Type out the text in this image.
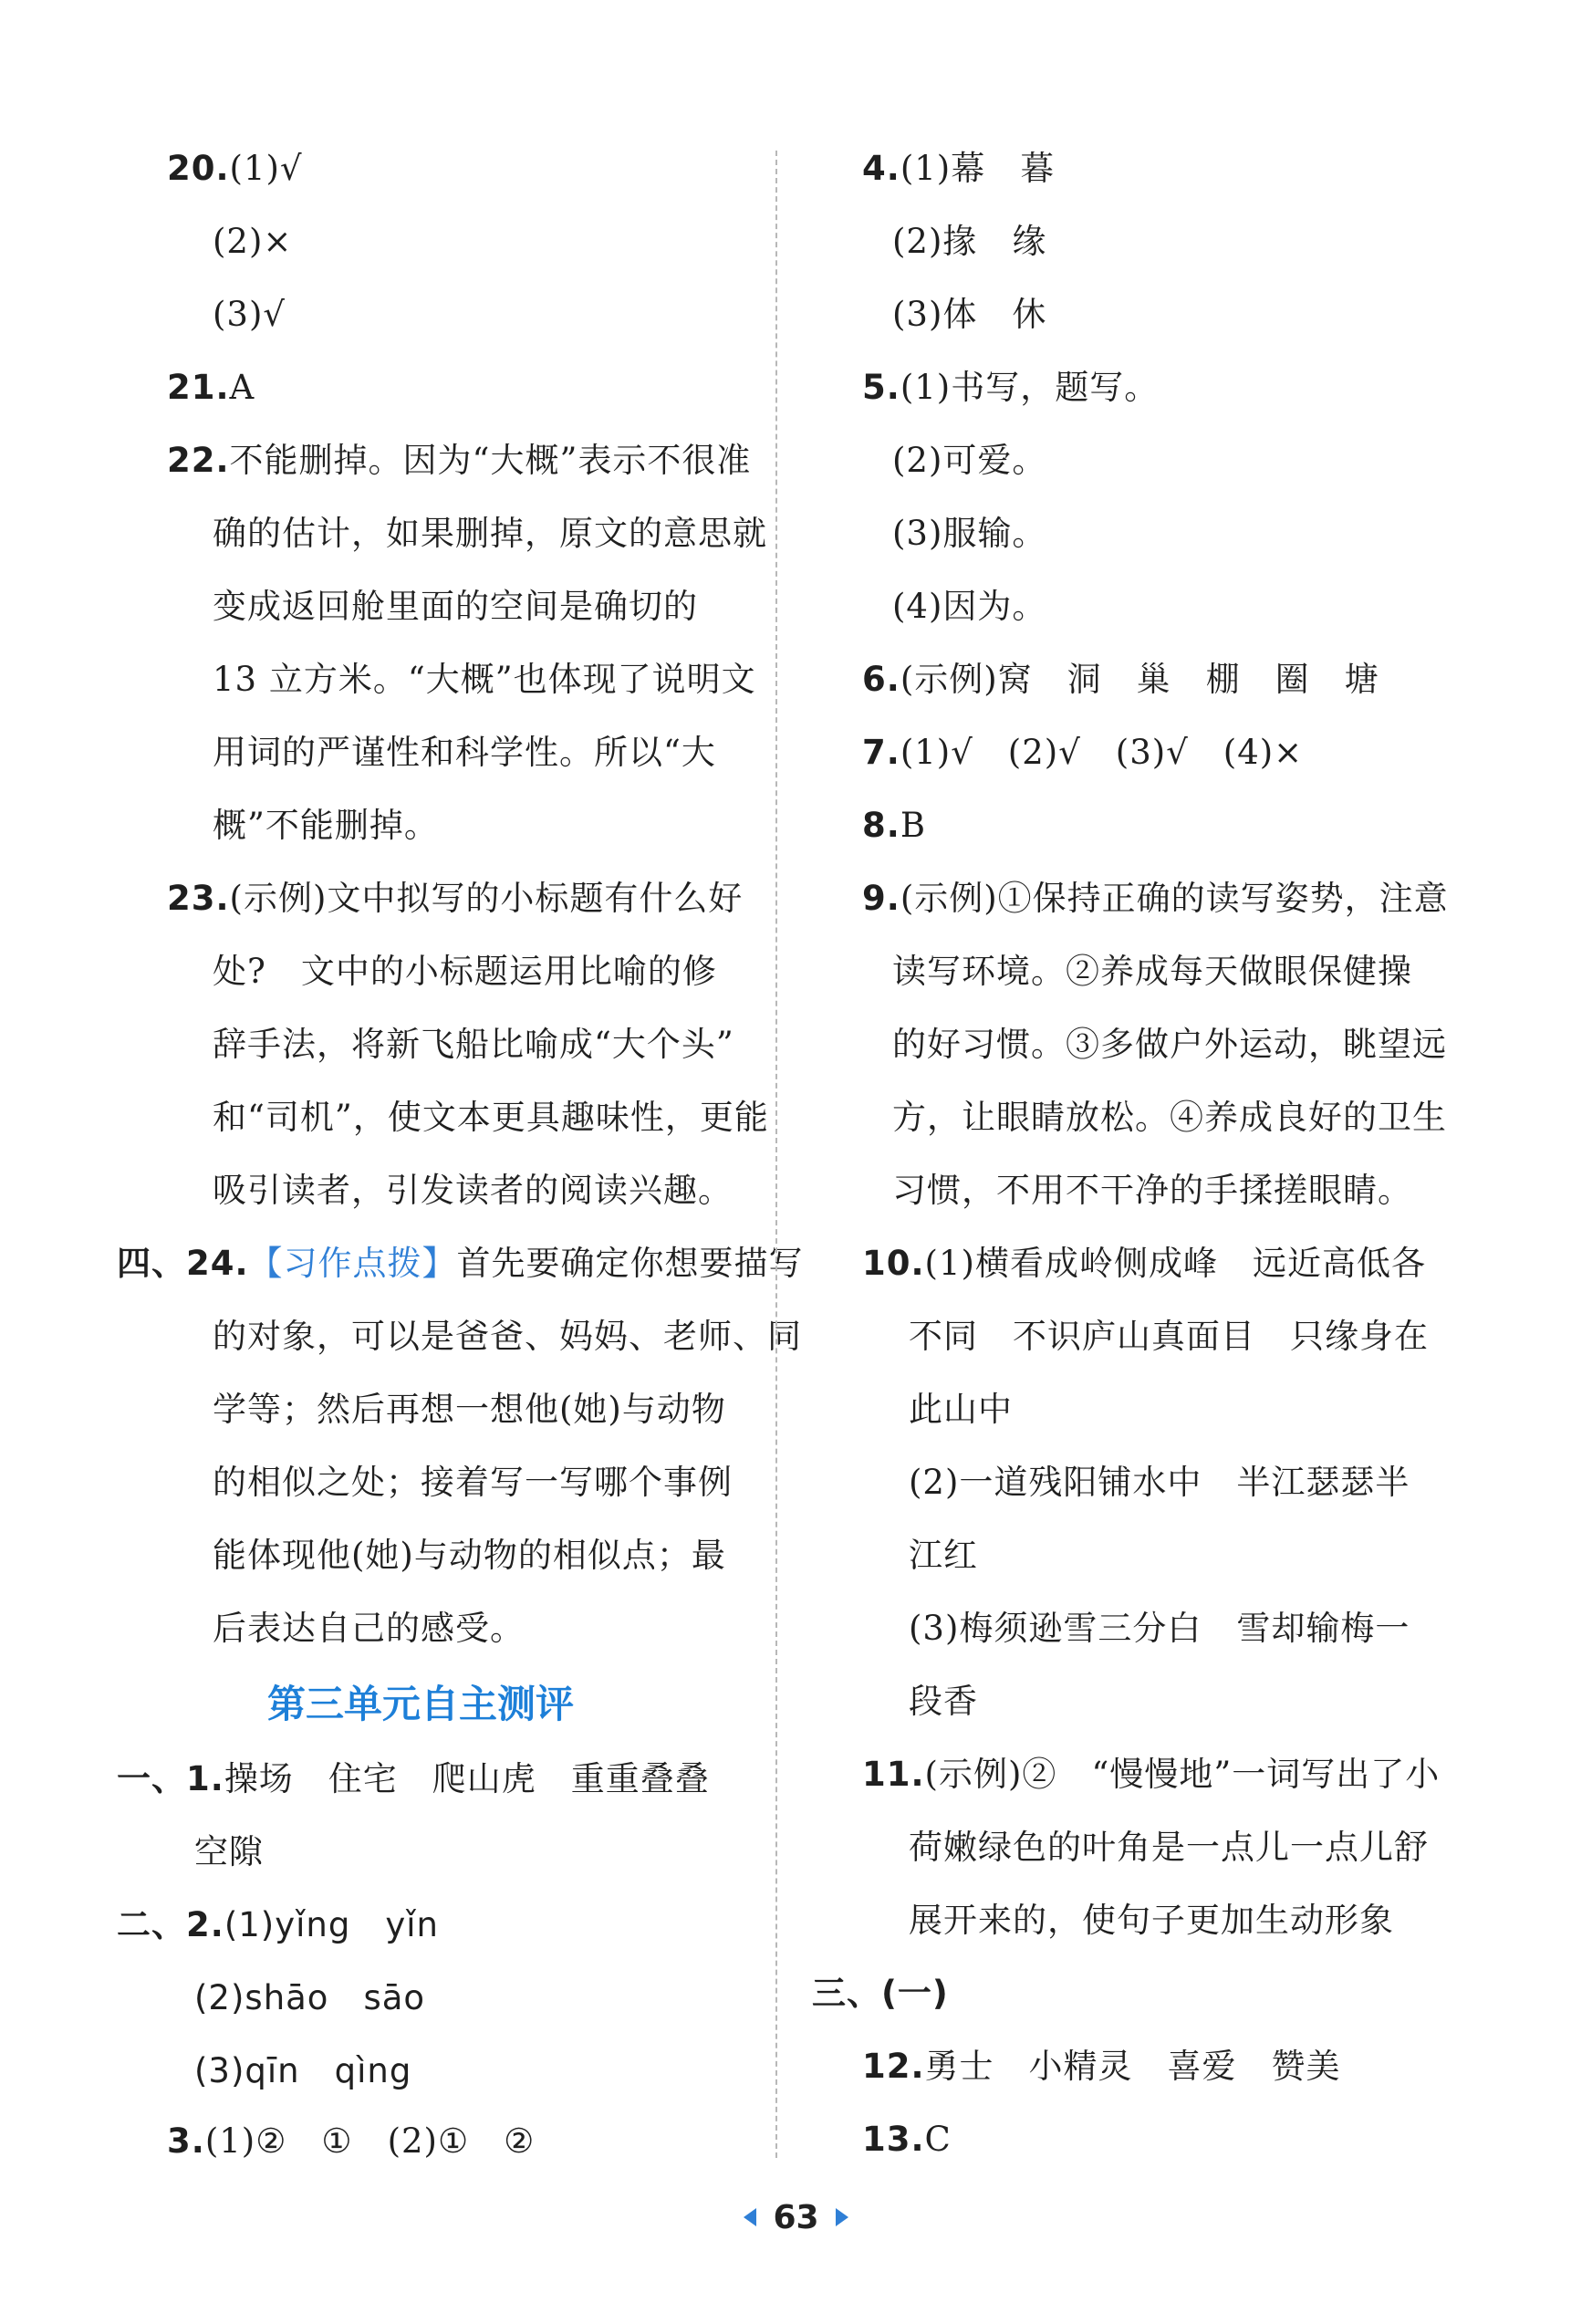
20.(1)√
(2)×
(3)√
21.A
22.不能删掉。因为“大概”表示不很准
确的估计，如果删掉，原文的意思就
变成返回舱里面的空间是确切的
13 立方米。“大概”也体现了说明文
用词的严谨性和科学性。所以“大
概”不能删掉。
23.(示例)文中拟写的小标题有什么好
处?　文中的小标题运用比喻的修
辞手法，将新飞船比喻成“大个头”
和“司机”，使文本更具趣味性，更能
吸引读者，引发读者的阅读兴趣。
四、24.【习作点拨】首先要确定你想要描写
的对象，可以是爸爸、妈妈、老师、同
学等；然后再想一想他(她)与动物
的相似之处；接着写一写哪个事例
能体现他(她)与动物的相似点；最
后表达自己的感受。
第三单元自主测评
一、1.操场　住宅　爬山虎　重重叠叠
空隙
二、2.(1)yǐng　yǐn
(2)shāo　sāo
(3)qīn　qìng
3.(1)②　①　(2)①　②
4.(1)幕　暮
(2)掾　缘
(3)体　休
5.(1)书写，题写。
(2)可爱。
(3)服输。
(4)因为。
6.(示例)窝　洞　巢　棚　圈　塘
7.(1)√　(2)√　(3)√　(4)×
8.B
9.(示例)①保持正确的读写姿势，注意
读写环境。②养成每天做眼保健操
的好习惯。③多做户外运动，眺望远
方，让眼睛放松。④养成良好的卫生
习惯，不用不干净的手揉搓眼睛。
10.(1)横看成岭侧成峰　远近高低各
不同　不识庐山真面目　只缘身在
此山中
(2)一道残阳铺水中　半江瑟瑟半
江红
(3)梅须逊雪三分白　雪却输梅一
段香
11.(示例)②　“慢慢地”一词写出了小
荷嫩绿色的叶角是一点儿一点儿舒
展开来的，使句子更加生动形象
三、(一)
12.勇士　小精灵　喜爱　赞美
13.C
63
